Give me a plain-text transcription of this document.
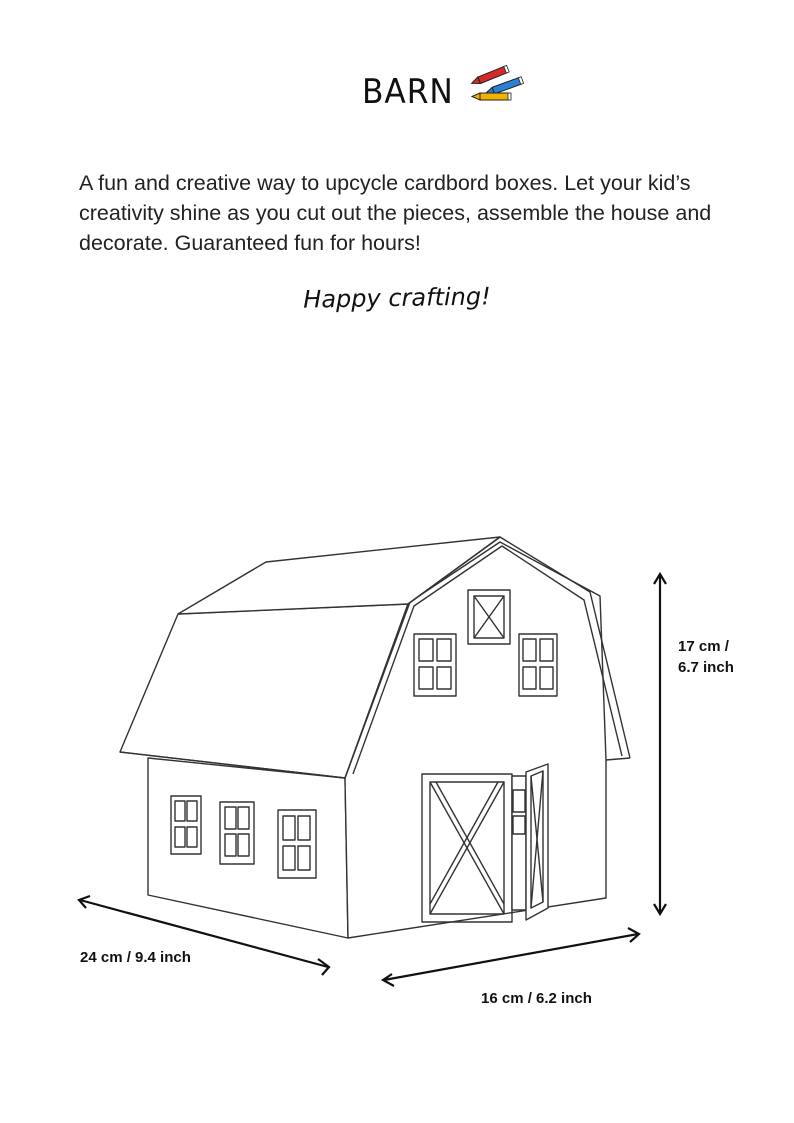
BARN
A fun and creative way to upcycle cardbord boxes. Let your kid’s creativity shine as you cut out the pieces, assemble the house and decorate. Guaranteed fun for hours!
Happy crafting!
17 cm /
6.7 inch
24 cm / 9.4 inch
16 cm / 6.2 inch
